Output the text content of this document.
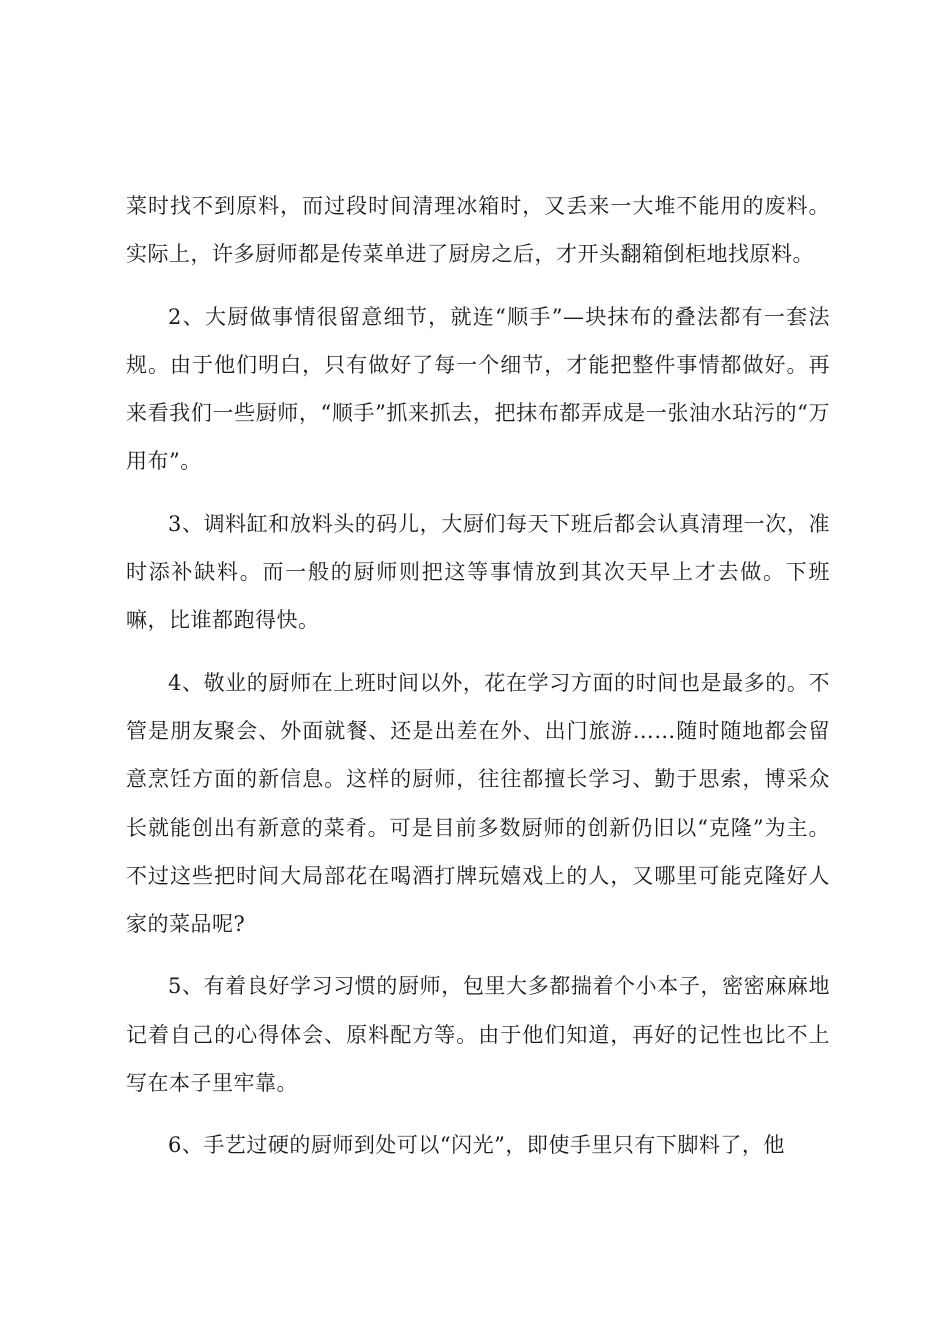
菜时找不到原料，而过段时间清理冰箱时，又丢来一大堆不能用的废料。实际上，许多厨师都是传菜单进了厨房之后，才开头翻箱倒柜地找原料。

2、大厨做事情很留意细节，就连“顺手”—块抹布的叠法都有一套法规。由于他们明白，只有做好了每一个细节，才能把整件事情都做好。再来看我们一些厨师，“顺手”抓来抓去，把抹布都弄成是一张油水玷污的“万用布”。

3、调料缸和放料头的码儿，大厨们每天下班后都会认真清理一次，准时添补缺料。而一般的厨师则把这等事情放到其次天早上才去做。下班嘛，比谁都跑得快。

4、敬业的厨师在上班时间以外，花在学习方面的时间也是最多的。不管是朋友聚会、外面就餐、还是出差在外、出门旅游……随时随地都会留意烹饪方面的新信息。这样的厨师，往往都擅长学习、勤于思索，博采众长就能创出有新意的菜肴。可是目前多数厨师的创新仍旧以“克隆”为主。不过这些把时间大局部花在喝酒打牌玩嬉戏上的人，又哪里可能克隆好人家的菜品呢?

5、有着良好学习习惯的厨师，包里大多都揣着个小本子，密密麻麻地记着自己的心得体会、原料配方等。由于他们知道，再好的记性也比不上写在本子里牢靠。

6、手艺过硬的厨师到处可以“闪光”，即使手里只有下脚料了，他
